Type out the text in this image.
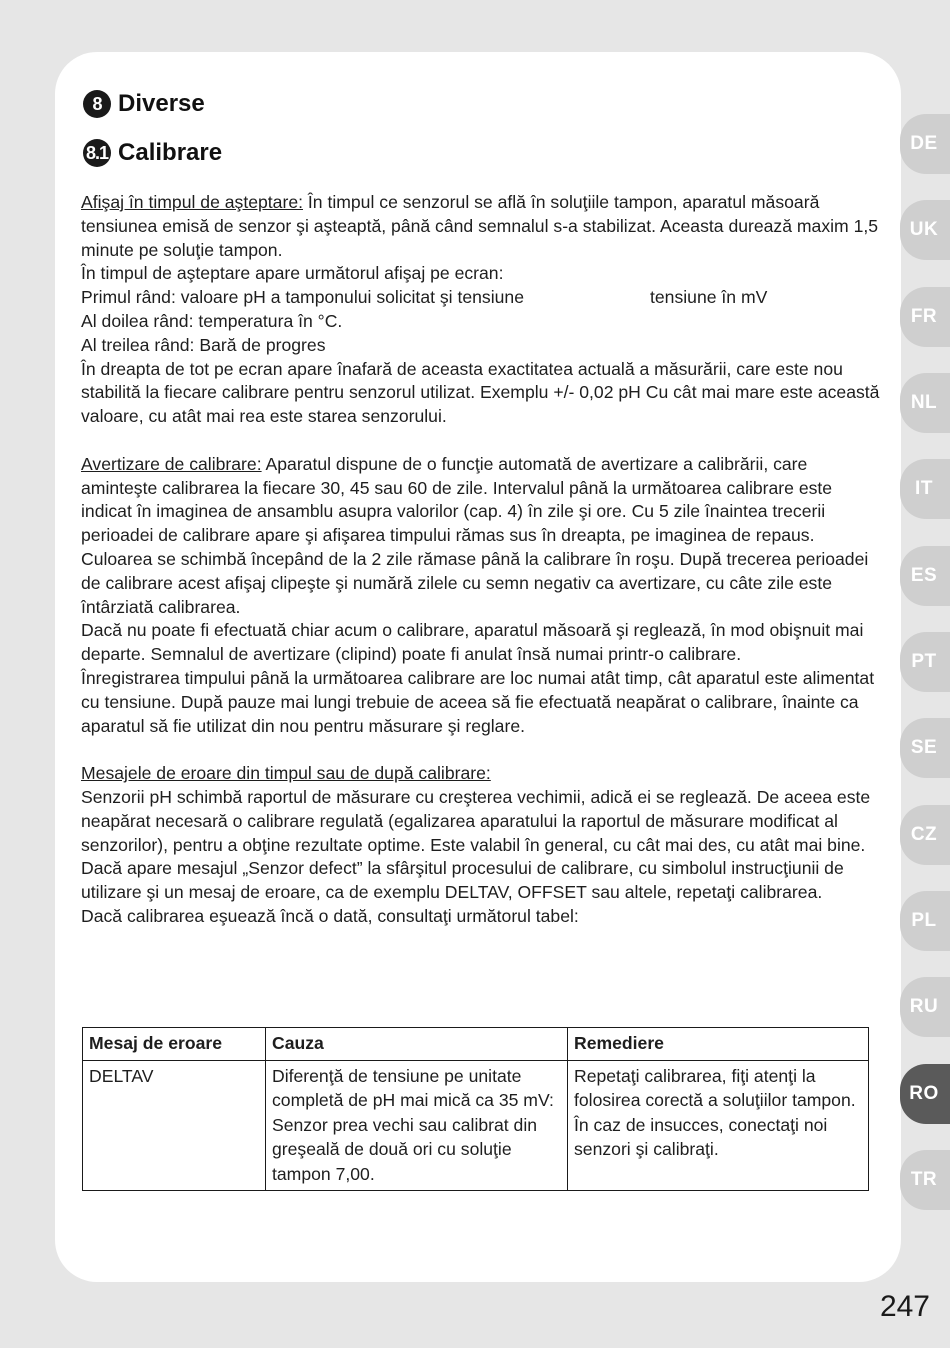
8 Diverse
8.1 Calibrare

Afişaj în timpul de aşteptare: În timpul ce senzorul se află în soluţiile tampon, aparatul măsoară tensiunea emisă de senzor şi aşteaptă, până când semnalul s-a stabilizat. Aceasta durează maxim 1,5 minute pe soluţie tampon.

În timpul de aşteptare apare următorul afişaj pe ecran:

Primul rând: valoare pH a tamponului solicitat şi tensiune	tensiune în mV

Al doilea rând: temperatura în °C.

Al treilea rând: Bară de progres

În dreapta de tot pe ecran apare înafară de aceasta exactitatea actuală a măsurării, care este nou stabilită la fiecare calibrare pentru senzorul utilizat. Exemplu +/- 0,02 pH Cu cât mai mare este această valoare, cu atât mai rea este starea senzorului.

Avertizare de calibrare: Aparatul dispune de o funcţie automată de avertizare a calibrării, care aminteşte calibrarea la fiecare 30, 45 sau 60 de zile. Intervalul până la următoarea calibrare este indicat în imaginea de ansamblu asupra valorilor (cap. 4) în zile şi ore. Cu 5 zile înaintea trecerii perioadei de calibrare apare şi afişarea timpului rămas sus în dreapta, pe imaginea de repaus. Culoarea se schimbă începând de la 2 zile rămase până la calibrare în roşu. După trecerea perioadei de calibrare acest afişaj clipeşte şi numără zilele cu semn negativ ca avertizare, cu câte zile este întârziată calibrarea.

Dacă nu poate fi efectuată chiar acum o calibrare, aparatul măsoară şi reglează, în mod obişnuit mai departe. Semnalul de avertizare (clipind) poate fi anulat însă numai printr-o calibrare.

Înregistrarea timpului până la următoarea calibrare are loc numai atât timp, cât aparatul este alimentat cu tensiune. După pauze mai lungi trebuie de aceea să fie efectuată neapărat o calibrare, înainte ca aparatul să fie utilizat din nou pentru măsurare şi reglare.

Mesajele de eroare din timpul sau de după calibrare:

Senzorii pH schimbă raportul de măsurare cu creşterea vechimii, adică ei se reglează. De aceea este neapărat necesară o calibrare regulată (egalizarea aparatului la raportul de măsurare modificat al senzorilor), pentru a obţine rezultate optime. Este valabil în general, cu cât mai des, cu atât mai bine.

Dacă apare mesajul „Senzor defect” la sfârşitul procesului de calibrare, cu simbolul instrucţiunii de utilizare şi un mesaj de eroare, ca de exemplu DELTAV, OFFSET sau altele, repetaţi calibrarea.

Dacă calibrarea eşuează încă o dată, consultaţi următorul tabel:

Mesaj de eroare	Cauza	Remediere
DELTAV	Diferenţă de tensiune pe unitate completă de pH mai mică ca 35 mV: Senzor prea vechi sau calibrat din greşeală de două ori cu soluţie tampon 7,00.	Repetaţi calibrarea, fiţi atenţi la folosirea corectă a soluţiilor tampon. În caz de insucces, conectaţi noi senzori şi calibraţi.
DE
UK
FR
NL
IT
ES
PT
SE
CZ
PL
RU
RO
TR
247
